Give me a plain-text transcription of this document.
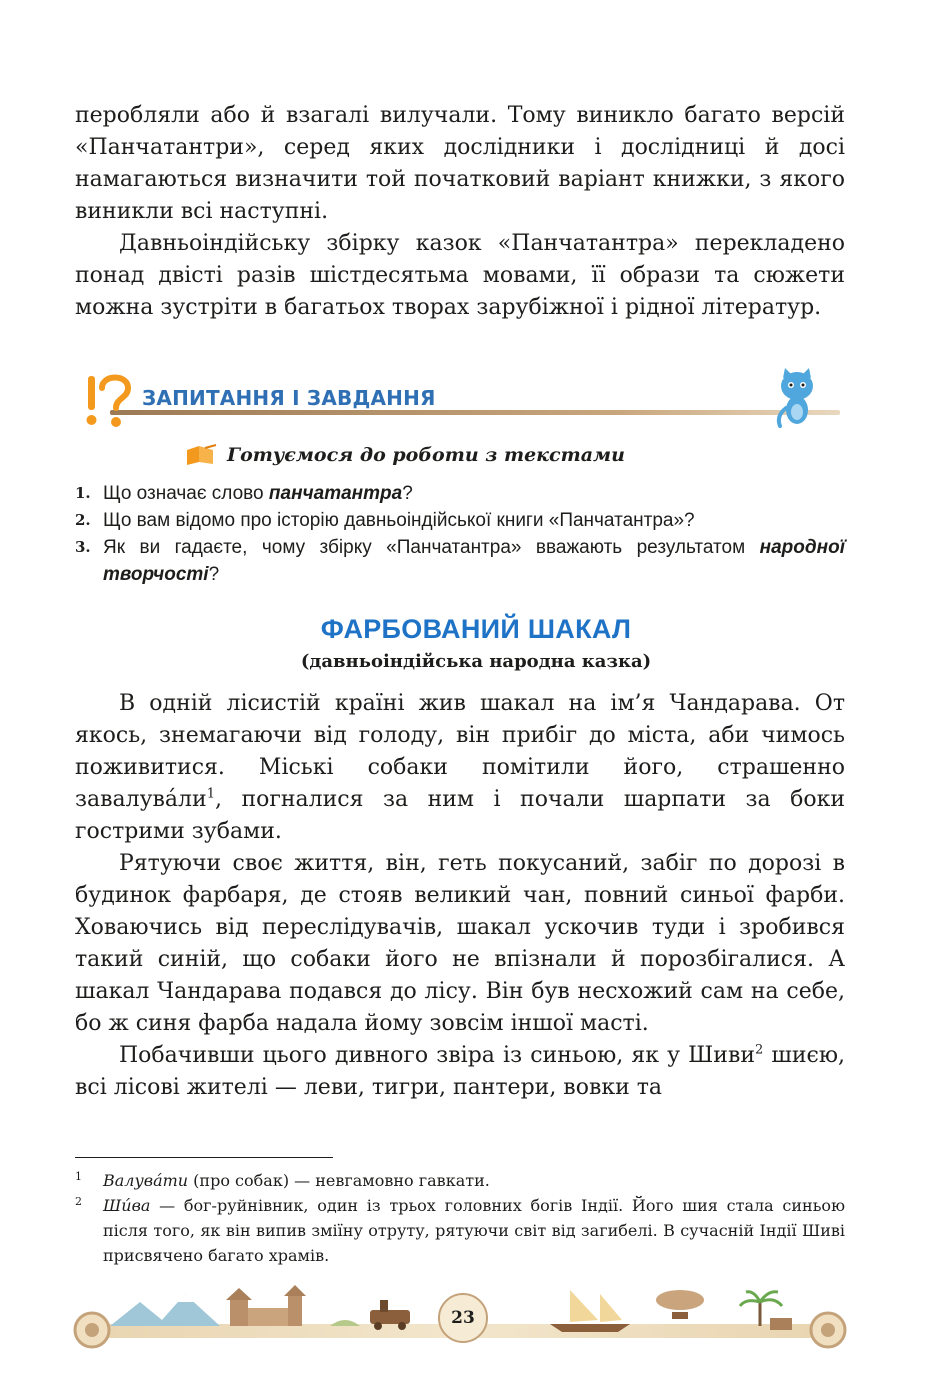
перобляли або й взагалі вилучали. Тому виникло багато версій «Панчатантри», серед яких дослідники і дослідниці й досі намагаються визначити той початковий варіант книжки, з якого виникли всі наступні.

Давньоіндійську збірку казок «Панчатантра» перекладено понад двісті разів шістдесятьма мовами, її образи та сюжети можна зустріти в багатьох творах зарубіжної і рідної літератур.

ЗАПИТАННЯ І ЗАВДАННЯ
Готуємося до роботи з текстами
1. Що означає слово панчатантра?
2. Що вам відомо про історію давньоіндійської книги «Панчатантра»?
3. Як ви гадаєте, чому збірку «Панчатантра» вважають результатом народної творчості?
ФАРБОВАНИЙ ШАКАЛ
(давньоіндійська народна казка)

В одній лісистій країні жив шакал на ім’я Чандарава. От якось, знемагаючи від голоду, він прибіг до міста, аби чимось поживитися. Міські собаки помітили його, страшенно $завалува́ли^1$, погналися за ним і почали шарпати за боки гострими зубами.

Рятуючи своє життя, він, геть покусаний, забіг по дорозі в будинок фарбаря, де стояв великий чан, повний синьої фарби. Ховаючись від переслідувачів, шакал ускочив туди і зробився такий синій, що собаки його не впізнали й порозбігалися. А шакал Чандарава подався до лісу. Він був несхожий сам на себе, бо ж синя фарба надала йому зовсім іншої масті.

Побачивши цього дивного звіра із синьою, як у Шиви$^2$ шиєю, всі лісові жителі — леви, тигри, пантери, вовки та

1 Валува́ти (про собак) — невгамовно гавкати.
2 Ши́ва — бог-руйнівник, один із трьох головних богів Індії. Його шия стала синьою після того, як він випив зміїну отруту, рятуючи світ від загибелі. В сучасній Індії Шиві присвячено багато храмів.
23
